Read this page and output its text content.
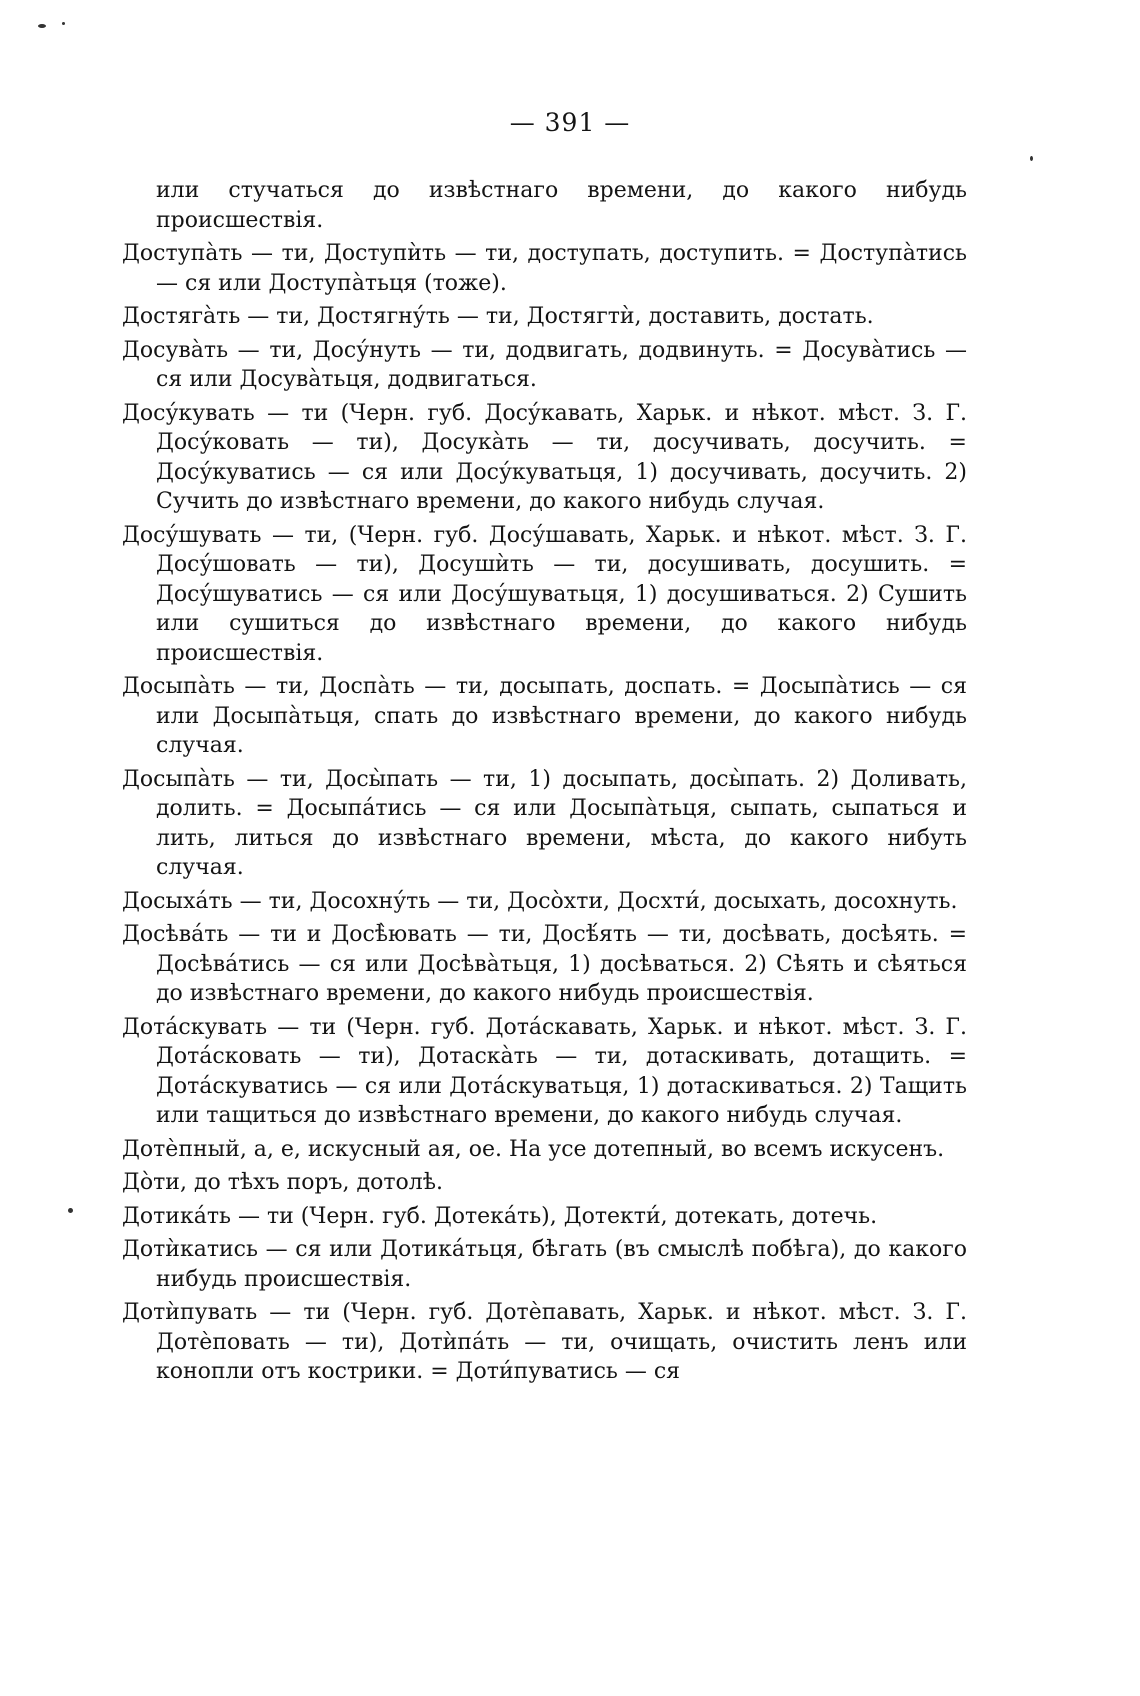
— 391 —

или стучаться до извѣстнаго времени, до какого нибудь происшествія.

Доступа̀ть — ти, Доступѝть — ти, доступать, доступить. = Доступа̀тись — ся или Доступа̀тьця (тоже).

Достяга̀ть — ти, Достягну́ть — ти, Достягтѝ, доставить, достать.

Досува̀ть — ти, Досу́нуть — ти, додвигать, додвинуть. = Досува̀тись — ся или Досува̀тьця, додвигаться.

Досу́кувать — ти (Черн. губ. Досу́кавать, Харьк. и нѣкот. мѣст. З. Г. Досу́ковать — ти), Досука̀ть — ти, досучивать, досучить. = Досу́куватись — ся или Досу́куватьця, 1) досучивать, досучить. 2) Сучить до извѣстнаго времени, до какого нибудь случая.

Досу́шувать — ти, (Черн. губ. Досу́шавать, Харьк. и нѣкот. мѣст. З. Г. Досу́шовать — ти), Досушѝть — ти, досушивать, досушить. = Досу́шуватись — ся или Досу́шуватьця, 1) досушиваться. 2) Сушить или сушиться до извѣстнаго времени, до какого нибудь происшествія.

Досыпа̀ть — ти, Доспа̀ть — ти, досыпать, доспать. = Досыпа̀тись — ся или Досыпа̀тьця, спать до извѣстнаго времени, до какого нибудь случая.

Досыпа̀ть — ти, Досы̀пать — ти, 1) досыпать, досы̀пать. 2) Доливать, долить. = Досыпа́тись — ся или Досыпа̀тьця, сыпать, сыпаться и лить, литься до извѣстнаго времени, мѣста, до какого нибуть случая.

Досыха́ть — ти, Досохну́ть — ти, Досо̀хти, Досхти́, досыхать, досохнуть.

Досѣва́ть — ти и Досѣ̀ювать — ти, Досѣ́ять — ти, досѣвать, досѣять. = Досѣва́тись — ся или Досѣва̀тьця, 1) досѣваться. 2) Сѣять и сѣяться до извѣстнаго времени, до какого нибудь происшествія.

Дота́скувать — ти (Черн. губ. Дота́скавать, Харьк. и нѣкот. мѣст. З. Г. Дота́сковать — ти), Дотаска̀ть — ти, дотаскивать, дотащить. = Дота́скуватись — ся или Дота́скуватьця, 1) дотаскиваться. 2) Тащить или тащиться до извѣстнаго времени, до какого нибудь случая.

Дотѐпный, а, е, искусный ая, ое. На усе дотепный, во всемъ искусенъ.

До̀ти, до тѣхъ поръ, дотолѣ.

Дотика́ть — ти (Черн. губ. Дотека́ть), Дотекти́, дотекать, дотечь.

Дотѝкатись — ся или Дотика́тьця, бѣгать (въ смыслѣ побѣга), до какого нибудь происшествія.

Дотѝпувать — ти (Черн. губ. Дотѐпавать, Харьк. и нѣкот. мѣст. З. Г. Дотѐповать — ти), Дотѝпа́ть — ти, очищать, очистить ленъ или конопли отъ кострики. = Доти́пуватись — ся
